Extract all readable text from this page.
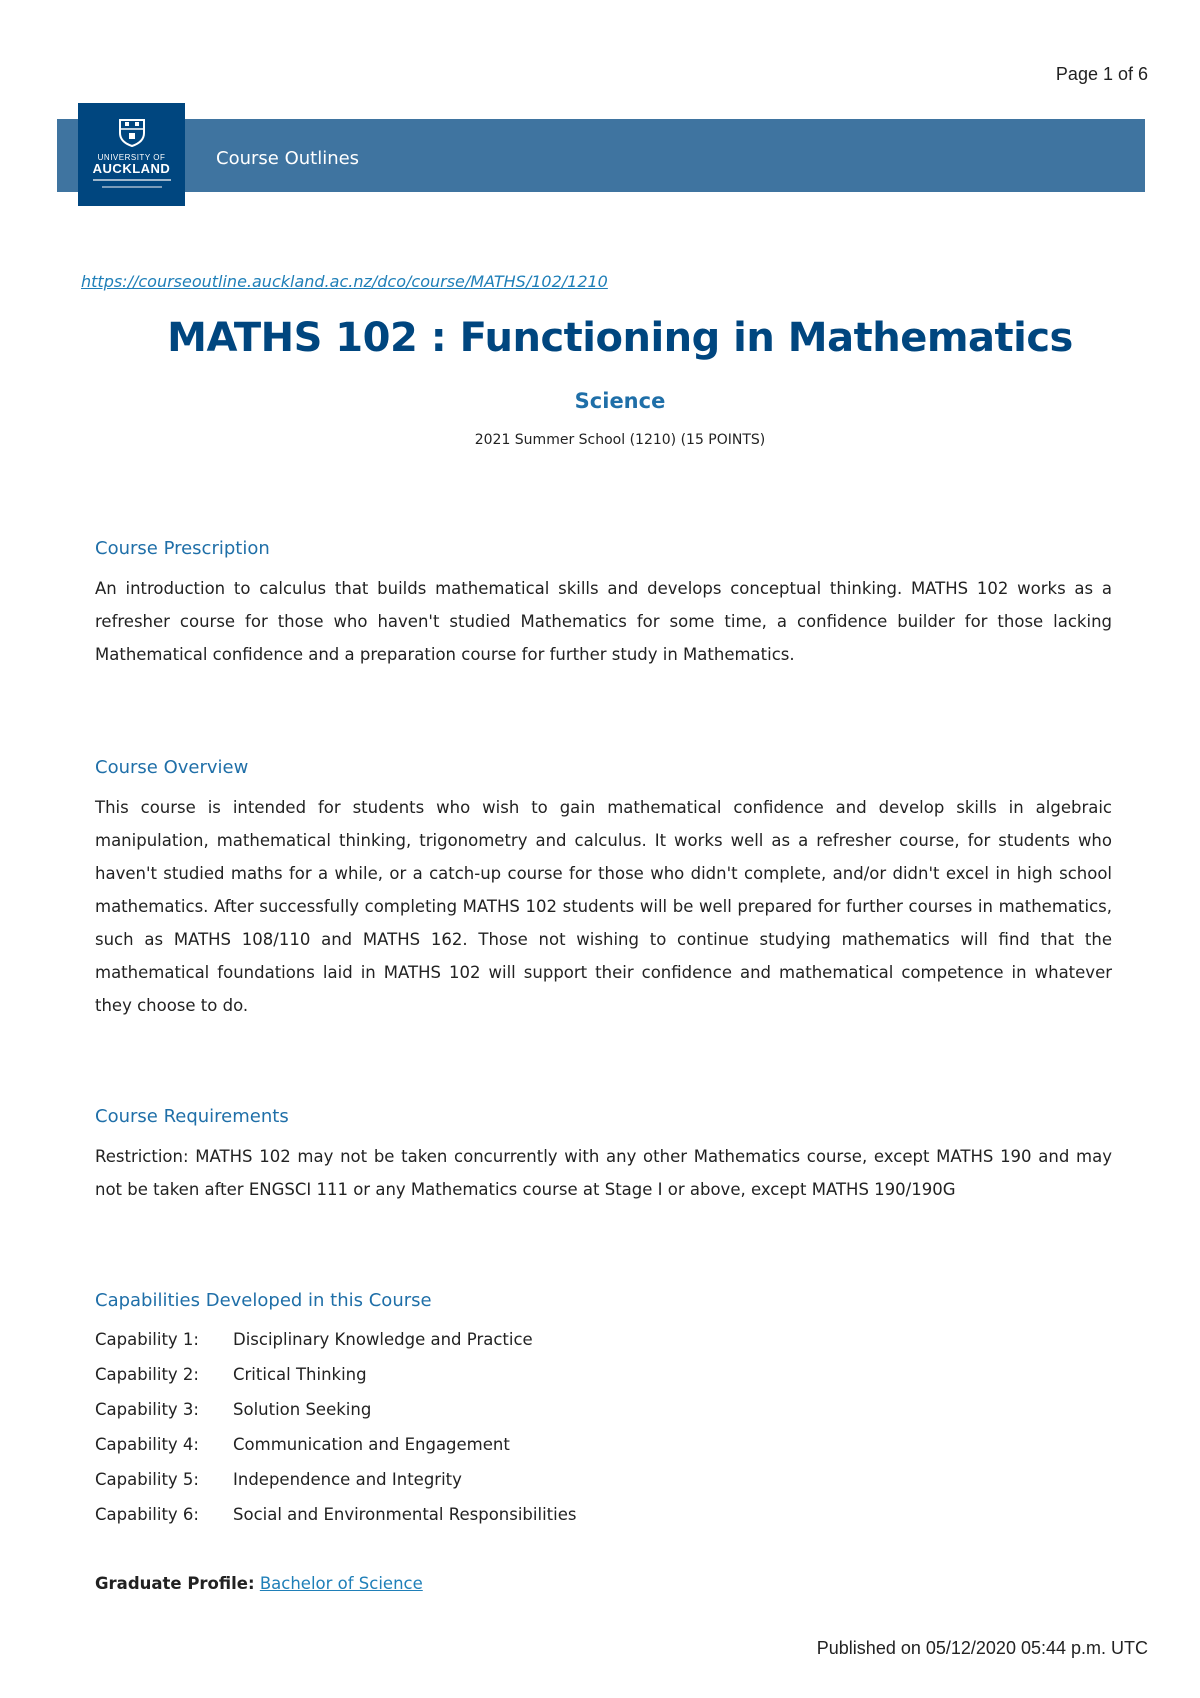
Page 1 of 6
UNIVERSITY OF
AUCKLAND	Course Outlines
https://courseoutline.auckland.ac.nz/dco/course/MATHS/102/1210
MATHS 102 : Functioning in Mathematics
Science
2021 Summer School (1210) (15 POINTS)
Course Prescription

An introduction to calculus that builds mathematical skills and develops conceptual thinking. MATHS 102 works as a refresher course for those who haven't studied Mathematics for some time, a confidence builder for those lacking Mathematical confidence and a preparation course for further study in Mathematics.

Course Overview

This course is intended for students who wish to gain mathematical confidence and develop skills in algebraic manipulation, mathematical thinking, trigonometry and calculus. It works well as a refresher course, for students who haven't studied maths for a while, or a catch-up course for those who didn't complete, and/or didn't excel in high school mathematics. After successfully completing MATHS 102 students will be well prepared for further courses in mathematics, such as MATHS 108/110 and MATHS 162. Those not wishing to continue studying mathematics will find that the mathematical foundations laid in MATHS 102 will support their confidence and mathematical competence in whatever they choose to do.

Course Requirements

Restriction: MATHS 102 may not be taken concurrently with any other Mathematics course, except MATHS 190 and may not be taken after ENGSCI 111 or any Mathematics course at Stage I or above, except MATHS 190/190G

Capabilities Developed in this Course
Capability 1:	Disciplinary Knowledge and Practice
Capability 2:	Critical Thinking
Capability 3:	Solution Seeking
Capability 4:	Communication and Engagement
Capability 5:	Independence and Integrity
Capability 6:	Social and Environmental Responsibilities
Graduate Profile: Bachelor of Science
Published on 05/12/2020 05:44 p.m. UTC
